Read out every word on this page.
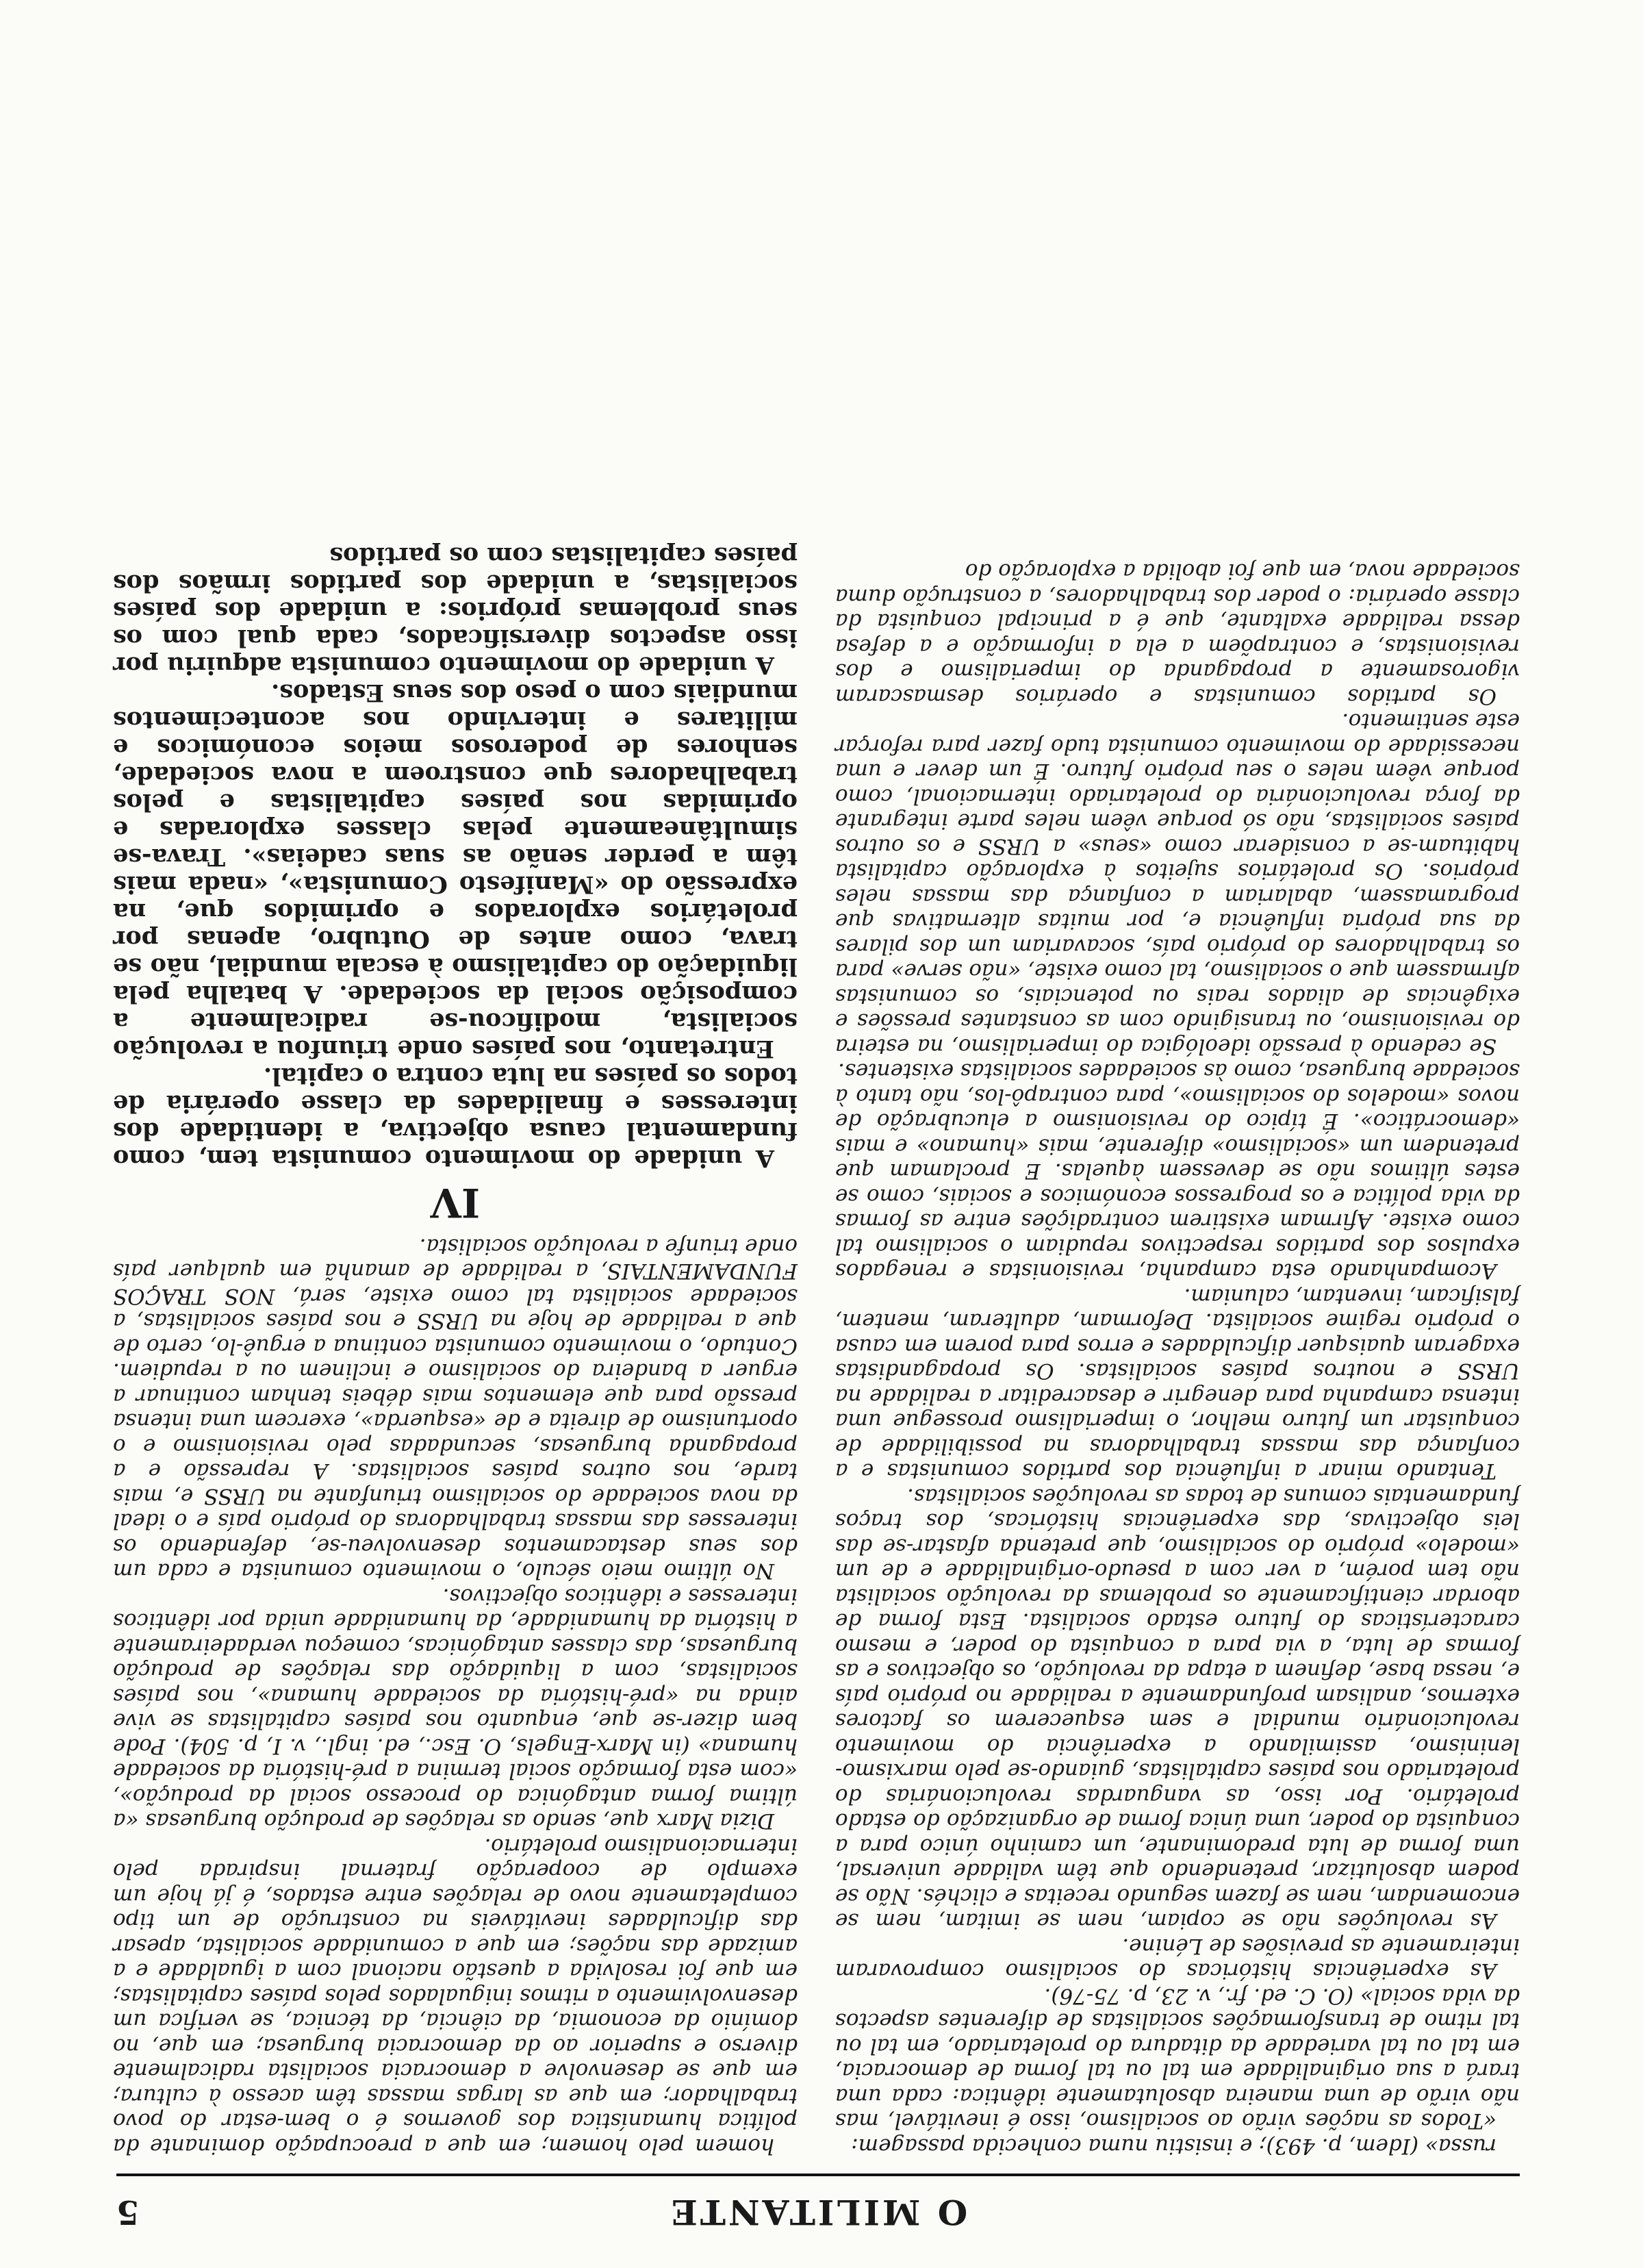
O MILITANTE
5

russa» (Idem, p. 493); e insistiu numa conhecida passagem:

«Todos as nações virão ao socialismo, isso é inevitável, mas não virão de uma maneira absolutamente idêntica: cada uma trará a sua originalidade em tal ou tal forma de democracia, em tal ou tal variedade da ditadura do proletariado, em tal ou tal ritmo de transformações socialistas de diferentes aspectos da vida social» (O. C. ed. fr., v. 23, p. 75-76).

As experiências históricas do socialismo comprovaram inteiramente as previsões de Lénine.

As revoluções não se copiam, nem se imitam, nem se encomendam, nem se fazem segundo receitas e clichés. Não se podem absolutizar, pretendendo que têm validade universal, uma forma de luta predominante, um caminho único para a conquista do poder, uma única forma de organização do estado proletário. Por isso, as vanguardas revolucionárias do proletariado nos países capitalistas, guiando-se pelo marxismo-leninismo, assimilando a experiência do movimento revolucionário mundial e sem esquecerem os factores externos, analisam profundamente a realidade no próprio país e, nessa base, definem a etapa da revolução, os objectivos e as formas de luta, a via para a conquista do poder, e mesmo características do futuro estado socialista. Esta forma de abordar cientificamente os problemas da revolução socialista não tem porém, a ver com a pseudo-originalidade e de um «modelo» próprio do socialismo, que pretenda afastar-se das leis objectivas, das experiências históricas, dos traços fundamentais comuns de todas as revoluções socialistas.

Tentando minar a influência dos partidos comunistas e a confiança das massas trabalhadoras na possibilidade de conquistar um futuro melhor, o imperialismo prossegue uma intensa campanha para denegrir e desacreditar a realidade na URSS e noutros países socialistas. Os propagandistas exageram quaisquer dificuldades e erros para porem em causa o próprio regime socialista. Deformam, adulteram, mentem, falsificam, inventam, caluniam.

Acompanhando esta campanha, revisionistas e renegados expulsos dos partidos respectivos repudiam o socialismo tal como existe. Afirmam existirem contradições entre as formas da vida política e os progressos económicos e sociais, como se estes últimos não se devessem àquelas. E proclamam que pretendem um «socialismo» diferente, mais «humano» e mais «democrático». É típico do revisionismo a elucubração de novos «modelos do socialismo», para contrapô-los, não tanto à sociedade burguesa, como às sociedades socialistas existentes.

Se cedendo à pressão ideológica do imperialismo, na esteira do revisionismo, ou transigindo com as constantes pressões e exigências de aliados reais ou potenciais, os comunistas afirmassem que o socialismo, tal como existe, «não serve» para os trabalhadores do próprio país, socavariam um dos pilares da sua própria influência e, por muitas alternativas que programassem, abalariam a confiança das massas neles próprios. Os proletários sujeitos à exploração capitalista habituam-se a considerar como «seus» a URSS e os outros países socialistas, não só porque vêem neles parte integrante da força revolucionária do proletariado internacional, como porque vêem neles o seu próprio futuro. É um dever e uma necessidade do movimento comunista tudo fazer para reforçar este sentimento.

Os partidos comunistas e operários desmascaram vigorosamente a propaganda do imperialismo e dos revisionistas, e contrapõem a ela a informação e a defesa dessa realidade exaltante, que é a principal conquista da classe operária: o poder dos trabalhadores, a construção duma sociedade nova, em que foi abolida a exploração do

homem pelo homem; em que a preocupação dominante da política humanística dos governos é o bem-estar do povo trabalhador; em que as largas massas têm acesso à cultura; em que se desenvolve a democracia socialista radicalmente diverso e superior ao da democracia burguesa; em que, no domínio da economia, da ciência, da técnica, se verifica um desenvolvimento a ritmos inigualados pelos países capitalistas; em que foi resolvida a questão nacional com a igualdade e a amizade das nações; em que a comunidade socialista, apesar das dificuldades inevitáveis na construção de um tipo completamente novo de relações entre estados, é já hoje um exemplo de cooperação fraternal inspirada pelo internacionalismo proletário.

Dizia Marx que, sendo as relações de produção burguesas «a última forma antagónica do processo social da produção», «com esta formação social termina a pré-história da sociedade humana» (in Marx-Engels, O. Esc., ed. ingl., v. I, p. 504). Pode bem dizer-se que, enquanto nos países capitalistas se vive ainda na «pré-história da sociedade humana», nos países socialistas, com a liquidação das relações de produção burguesas, das classes antagónicas, começou verdadeiramente a história da humanidade, da humanidade unida por idênticos interesses e idênticos objectivos.

No último meio século, o movimento comunista e cada um dos seus destacamentos desenvolveu-se, defendendo os interesses das massas trabalhadoras do próprio país e o ideal da nova sociedade do socialismo triunfante na URSS e, mais tarde, nos outros países socialistas. A repressão e a propaganda burguesas, secundadas pelo revisionismo e o oportunismo de direita e de «esquerda», exercem uma intensa pressão para que elementos mais débeis tenham continuar a erguer a bandeira do socialismo e inclinem ou a repudiem. Contudo, o movimento comunista continua a erguê-lo, certo de que a realidade de hoje na URSS e nos países socialistas, a sociedade socialista tal como existe, será, NOS TRAÇOS FUNDAMENTAIS, a realidade de amanhã em qualquer país onde triunfe a revolução socialista.

IV

A unidade do movimento comunista tem, como fundamental causa objectiva, a identidade dos interesses e finalidades da classe operária de todos os países na luta contra o capital.

Entretanto, nos países onde triunfou a revolução socialista, modificou-se radicalmente a composição social da sociedade. A batalha pela liquidação do capitalismo à escala mundial, não se trava, como antes de Outubro, apenas por proletários explorados e oprimidos que, na expressão do «Manifesto Comunista», «nada mais têm a perder senão as suas cadeias». Trava-se simultâneamente pelas classes exploradas e oprimidas nos países capitalistas e pelos trabalhadores que constroem a nova sociedade, senhores de poderosos meios económicos e militares e intervindo nos acontecimentos mundiais com o peso dos seus Estados.

A unidade do movimento comunista adquiriu por isso aspectos diversificados, cada qual com os seus problemas próprios: a unidade dos países socialistas, a unidade dos partidos irmãos dos países capitalistas com os partidos
